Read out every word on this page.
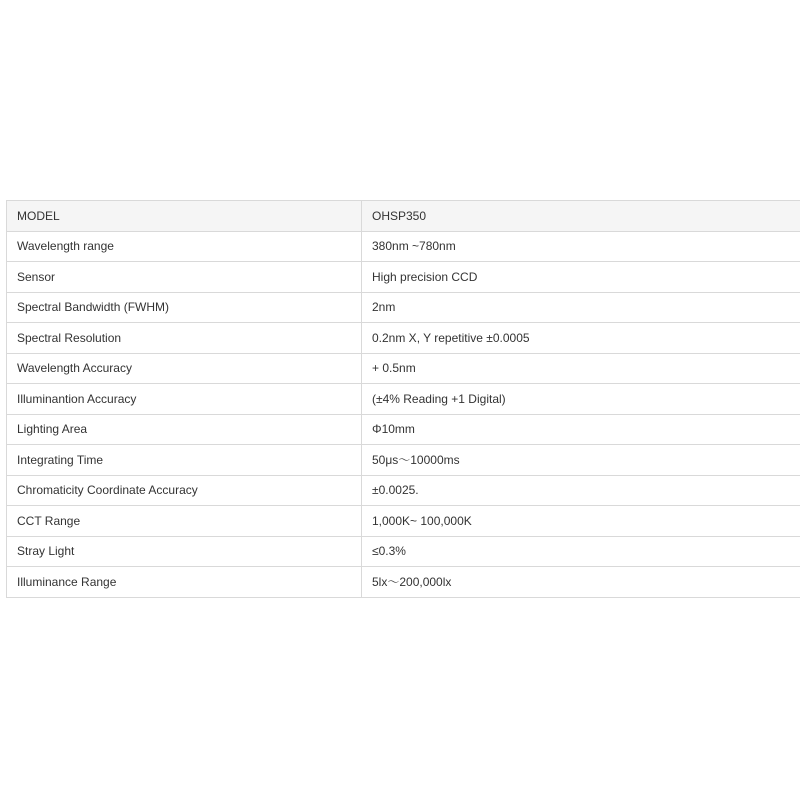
MODEL	OHSP350
Wavelength range	380nm ~780nm
Sensor	High precision CCD
Spectral Bandwidth (FWHM)	2nm
Spectral Resolution	0.2nm X, Y repetitive ±0.0005
Wavelength Accuracy	+ 0.5nm
Illuminantion Accuracy	(±4% Reading +1 Digital)
Lighting Area	Φ10mm
Integrating Time	50μs～10000ms
Chromaticity Coordinate Accuracy	±0.0025.
CCT Range	1,000K~ 100,000K
Stray Light	≤0.3%
Illuminance Range	5lx～200,000lx
